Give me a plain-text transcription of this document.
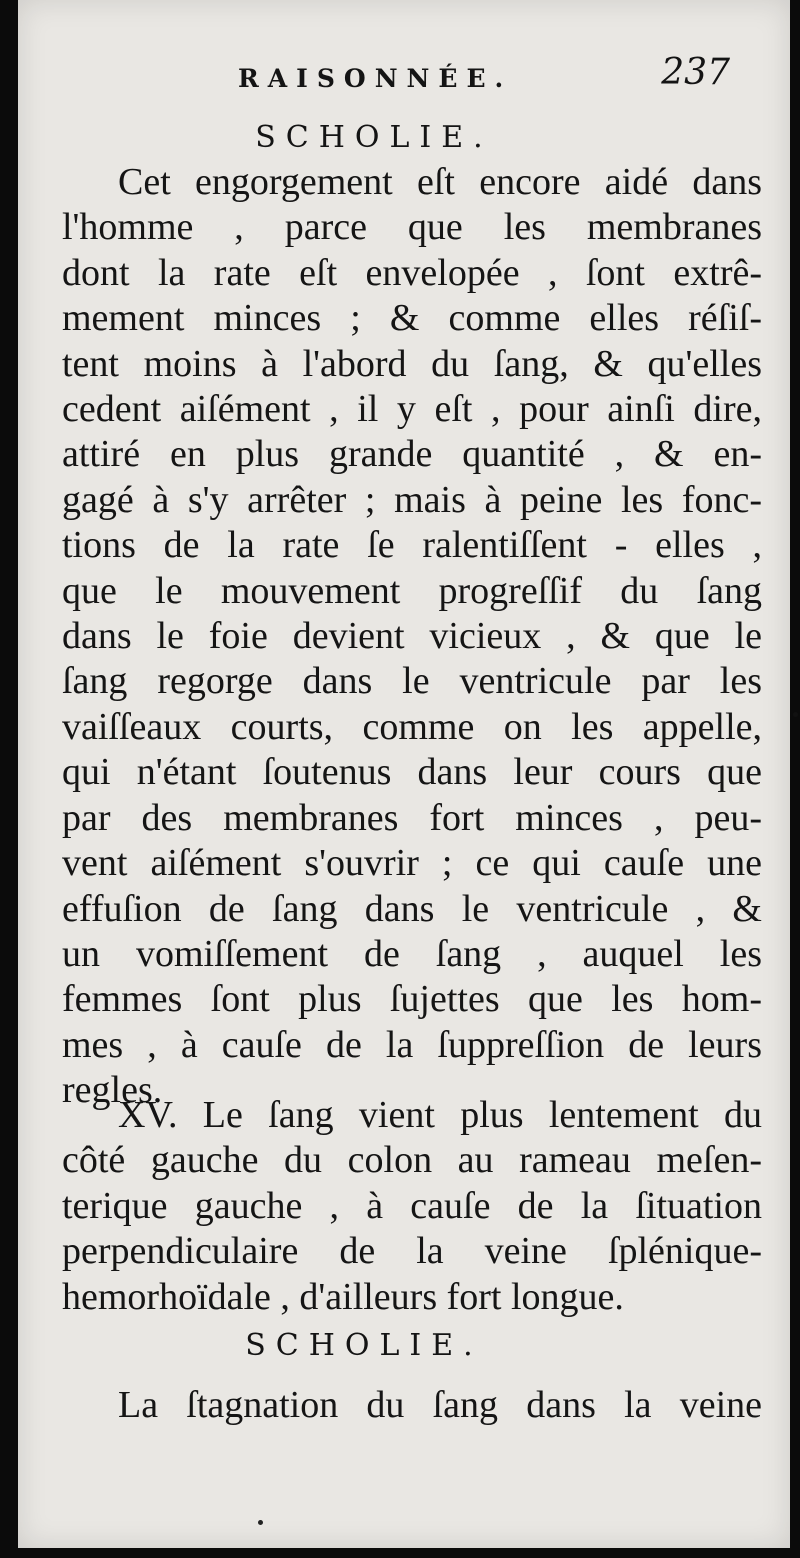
RAISONNÉE.	237
SCHOLIE.
Cet engorgement eſt encore aidé dans
l'homme , parce que les membranes
dont la rate eſt envelopée , ſont extrê-
mement minces ; & comme elles réſiſ-
tent moins à l'abord du ſang, & qu'elles
cedent aiſément , il y eſt , pour ainſi dire,
attiré en plus grande quantité , & en-
gagé à s'y arrêter ; mais à peine les fonc-
tions de la rate ſe ralentiſſent - elles ,
que le mouvement progreſſif du ſang
dans le foie devient vicieux , & que le
ſang regorge dans le ventricule par les
vaiſſeaux courts, comme on les appelle,
qui n'étant ſoutenus dans leur cours que
par des membranes fort minces , peu-
vent aiſément s'ouvrir ; ce qui cauſe une
effuſion de ſang dans le ventricule , &
un vomiſſement de ſang , auquel les
femmes ſont plus ſujettes que les hom-
mes , à cauſe de la ſuppreſſion de leurs
regles.
XV. Le ſang vient plus lentement du
côté gauche du colon au rameau meſen-
terique gauche , à cauſe de la ſituation
perpendiculaire de la veine ſplénique-
hemorhoïdale , d'ailleurs fort longue.
SCHOLIE.
La ſtagnation du ſang dans la veine
